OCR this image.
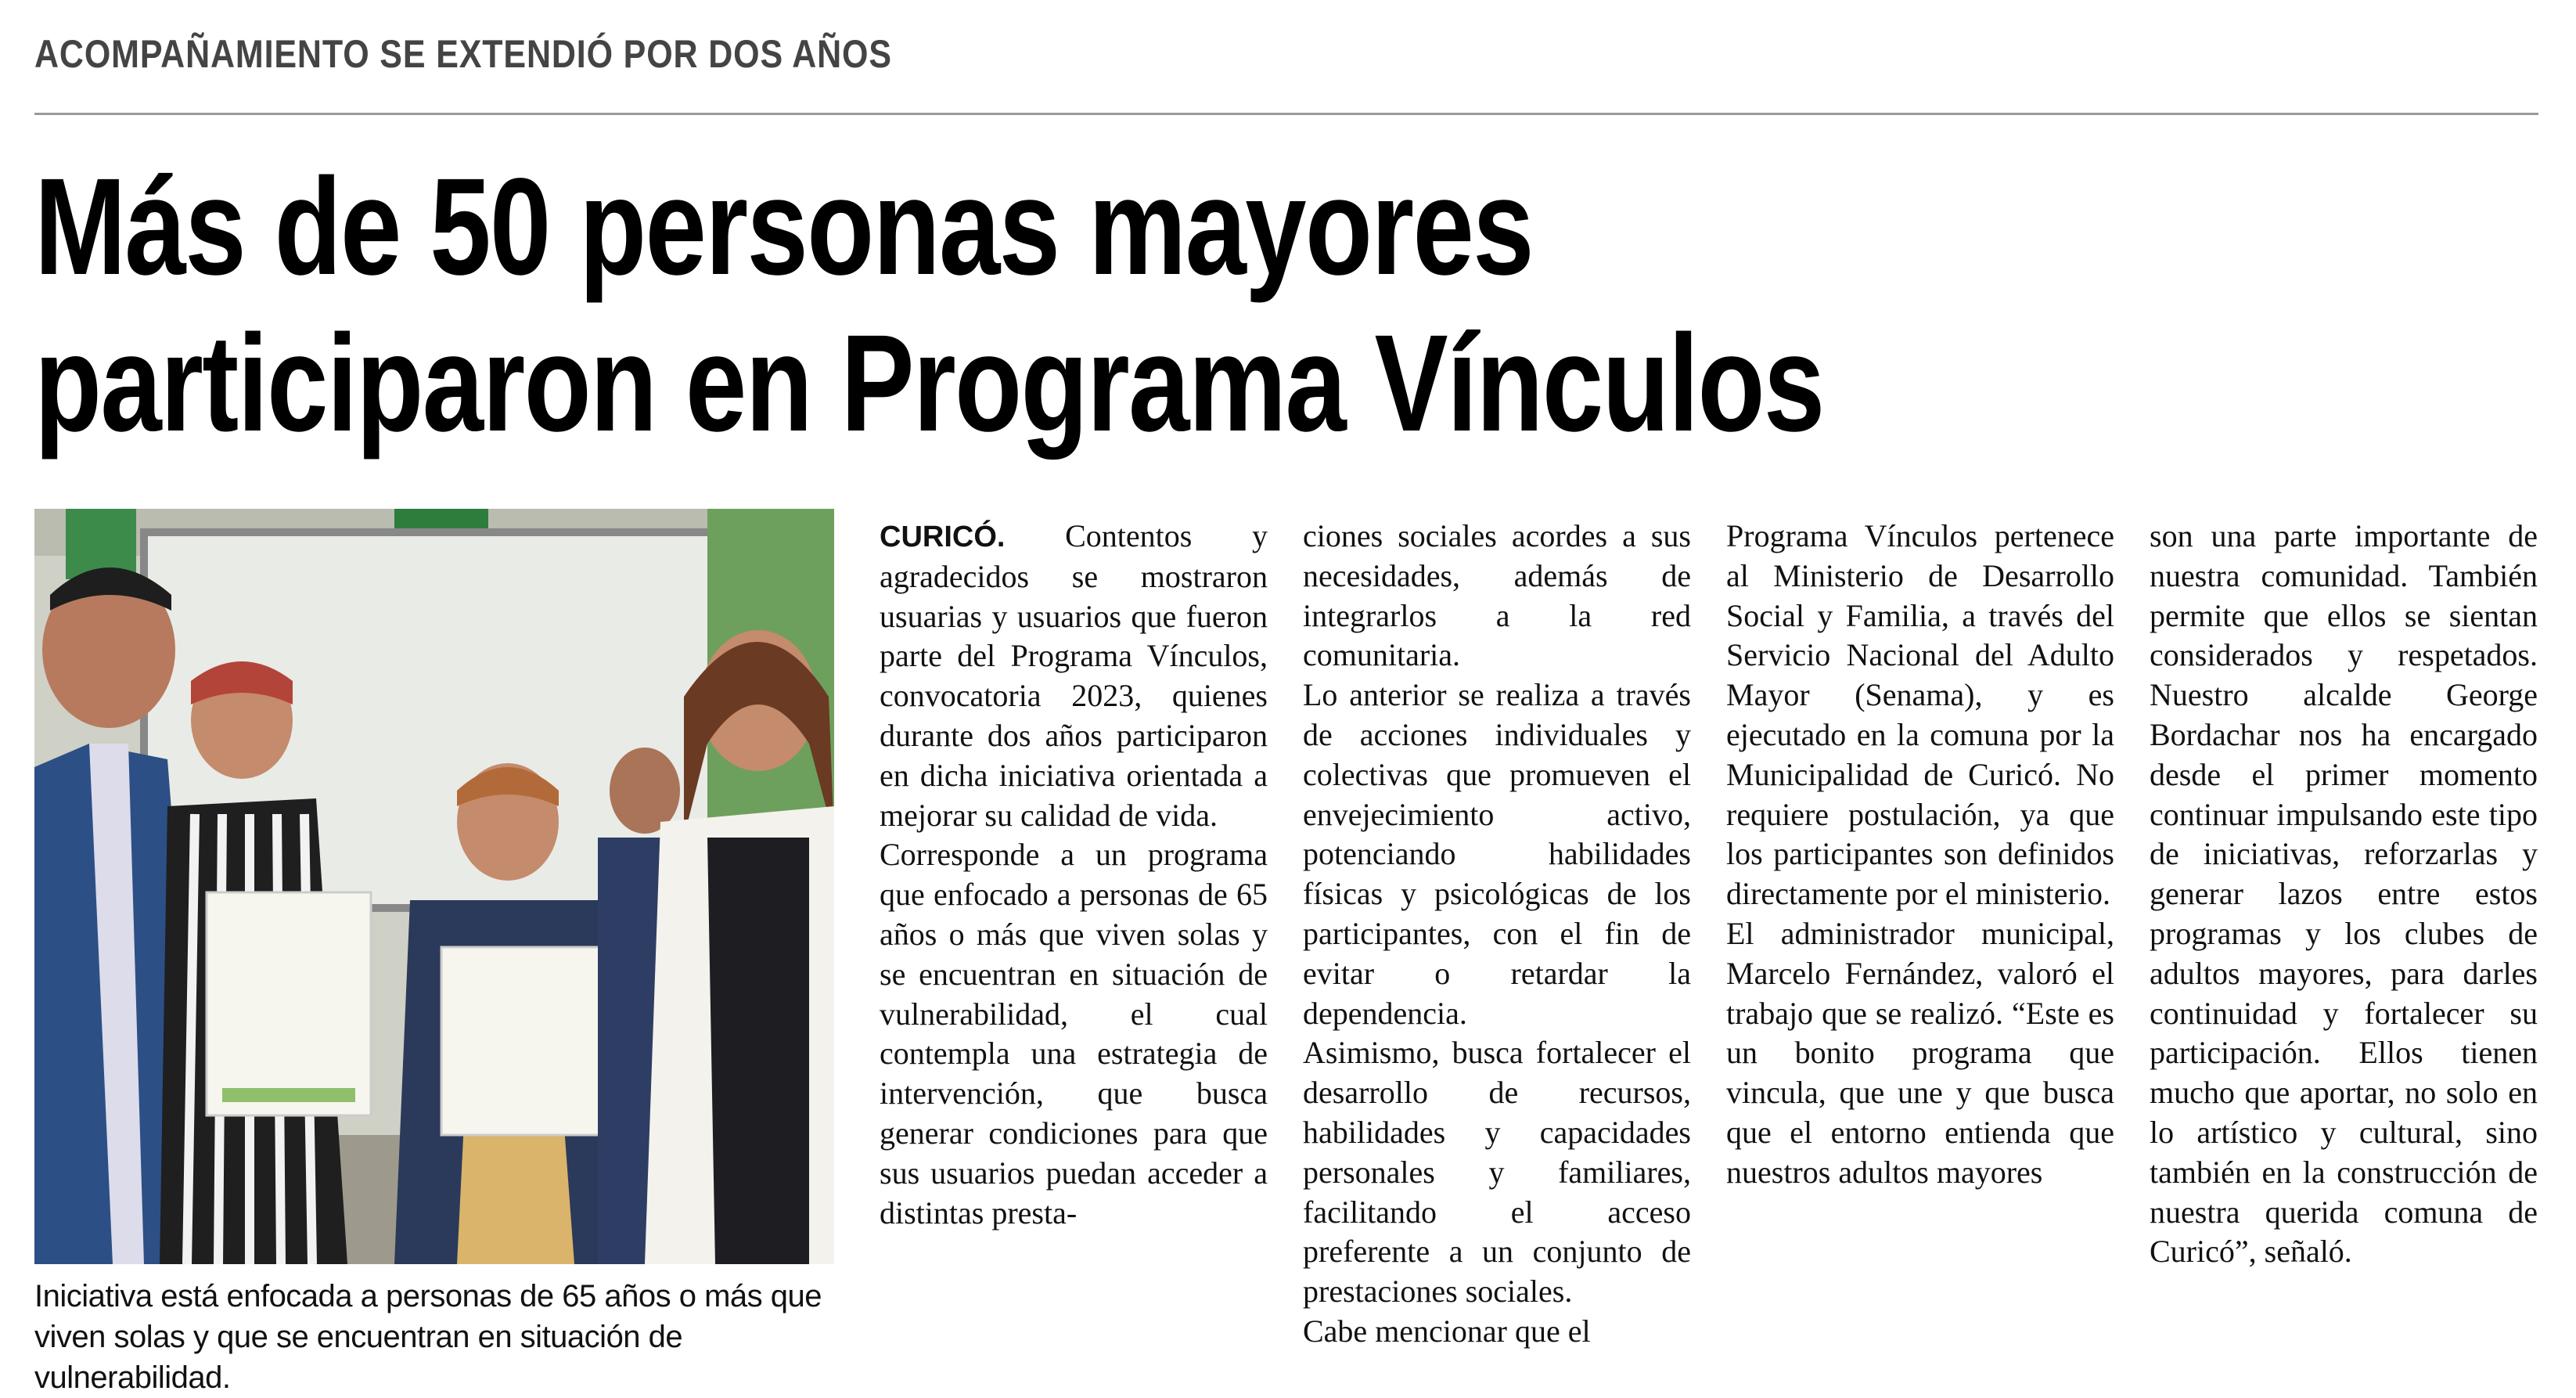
ACOMPAÑAMIENTO SE EXTENDIÓ POR DOS AÑOS
Más de 50 personas mayores
participaron en Programa Vínculos
Iniciativa está enfocada a personas de 65 años o más que viven solas y que se encuentran en situación de vulnerabilidad.

CURICÓ. Contentos y agradecidos se mostraron usuarias y usuarios que fueron parte del Programa Vínculos, convocatoria 2023, quienes durante dos años participaron en dicha iniciativa orientada a mejorar su calidad de vida.

Corresponde a un programa que enfocado a personas de 65 años o más que viven solas y se encuentran en situación de vulnerabilidad, el cual contempla una estrategia de intervención, que busca generar condiciones para que sus usuarios puedan acceder a distintas presta-

ciones sociales acordes a sus necesidades, además de integrarlos a la red comunitaria.

Lo anterior se realiza a través de acciones individuales y colectivas que promueven el envejecimiento activo, potenciando habilidades físicas y psicológicas de los participantes, con el fin de evitar o retardar la dependencia.

Asimismo, busca fortalecer el desarrollo de recursos, habilidades y capacidades personales y familiares, facilitando el acceso preferente a un conjunto de prestaciones sociales.

Cabe mencionar que el

Programa Vínculos pertenece al Ministerio de Desarrollo Social y Familia, a través del Servicio Nacional del Adulto Mayor (Senama), y es ejecutado en la comuna por la Municipalidad de Curicó. No requiere postulación, ya que los participantes son definidos directamente por el ministerio.

El administrador municipal, Marcelo Fernández, valoró el trabajo que se realizó. “Este es un bonito programa que vincula, que une y que busca que el entorno entienda que nuestros adultos mayores

son una parte importante de nuestra comunidad. También permite que ellos se sientan considerados y respetados. Nuestro alcalde George Bordachar nos ha encargado desde el primer momento continuar impulsando este tipo de iniciativas, reforzarlas y generar lazos entre estos programas y los clubes de adultos mayores, para darles continuidad y fortalecer su participación. Ellos tienen mucho que aportar, no solo en lo artístico y cultural, sino también en la construcción de nuestra querida comuna de Curicó”, señaló.
